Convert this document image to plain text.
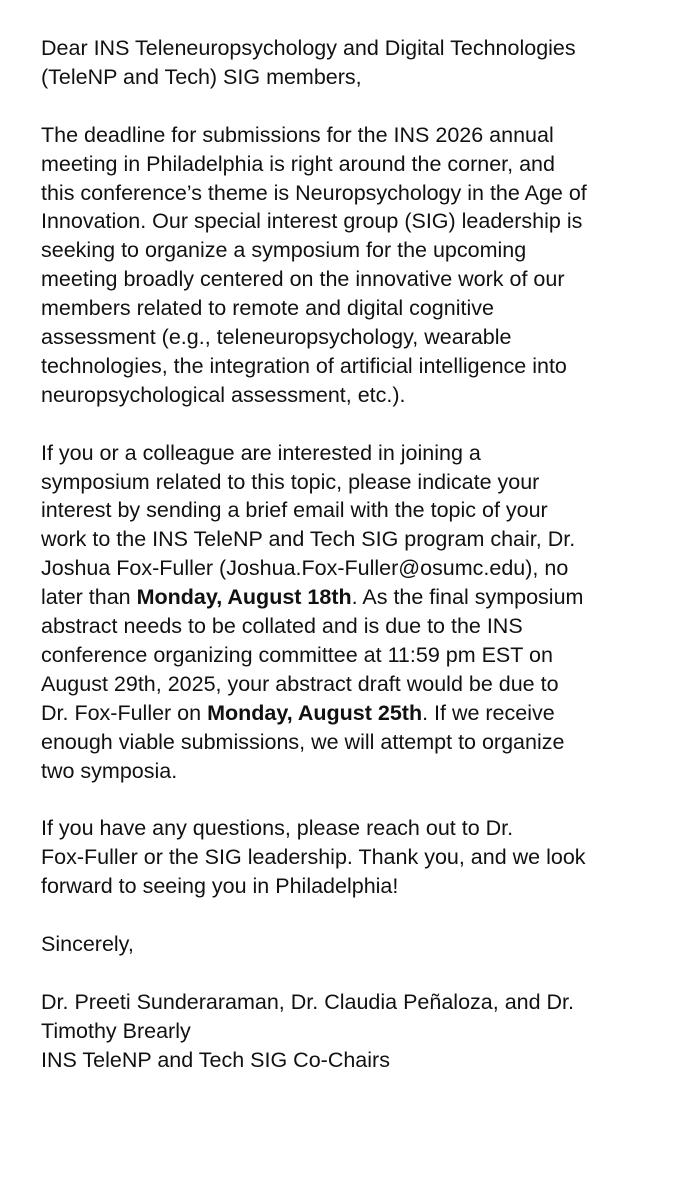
Dear INS Teleneuropsychology and Digital Technologies
(TeleNP and Tech) SIG members,

The deadline for submissions for the INS 2026 annual
meeting in Philadelphia is right around the corner, and
this conference’s theme is Neuropsychology in the Age of
Innovation. Our special interest group (SIG) leadership is
seeking to organize a symposium for the upcoming
meeting broadly centered on the innovative work of our
members related to remote and digital cognitive
assessment (e.g., teleneuropsychology, wearable
technologies, the integration of artificial intelligence into
neuropsychological assessment, etc.).

If you or a colleague are interested in joining a
symposium related to this topic, please indicate your
interest by sending a brief email with the topic of your
work to the INS TeleNP and Tech SIG program chair, Dr.
Joshua Fox-Fuller (Joshua.Fox-Fuller@osumc.edu), no
later than Monday, August 18th. As the final symposium
abstract needs to be collated and is due to the INS
conference organizing committee at 11:59 pm EST on
August 29th, 2025, your abstract draft would be due to
Dr. Fox-Fuller on Monday, August 25th. If we receive
enough viable submissions, we will attempt to organize
two symposia.

If you have any questions, please reach out to Dr.
Fox-Fuller or the SIG leadership. Thank you, and we look
forward to seeing you in Philadelphia!

Sincerely,

Dr. Preeti Sunderaraman, Dr. Claudia Peñaloza, and Dr.
Timothy Brearly
INS TeleNP and Tech SIG Co-Chairs
